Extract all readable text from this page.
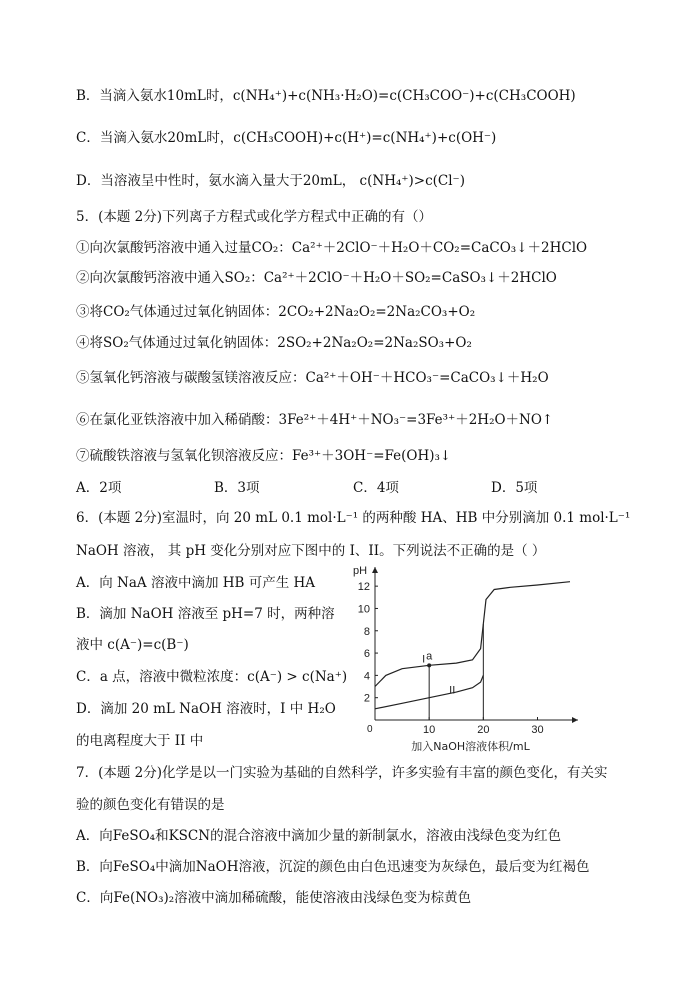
B．当滴入氨水10mL时，c(NH₄⁺)+c(NH₃·H₂O)=c(CH₃COO⁻)+c(CH₃COOH)
C．当滴入氨水20mL时，c(CH₃COOH)+c(H⁺)=c(NH₄⁺)+c(OH⁻)
D．当溶液呈中性时，氨水滴入量大于20mL， c(NH₄⁺)>c(Cl⁻)
5．(本题 2分)下列离子方程式或化学方程式中正确的有（）
①向次氯酸钙溶液中通入过量CO₂：Ca²⁺＋2ClO⁻＋H₂O＋CO₂=CaCO₃↓＋2HClO
②向次氯酸钙溶液中通入SO₂：Ca²⁺＋2ClO⁻＋H₂O＋SO₂=CaSO₃↓＋2HClO
③将CO₂气体通过过氧化钠固体：2CO₂+2Na₂O₂=2Na₂CO₃+O₂
④将SO₂气体通过过氧化钠固体：2SO₂+2Na₂O₂=2Na₂SO₃+O₂
⑤氢氧化钙溶液与碳酸氢镁溶液反应：Ca²⁺＋OH⁻＋HCO₃⁻=CaCO₃↓＋H₂O
⑥在氯化亚铁溶液中加入稀硝酸：3Fe²⁺＋4H⁺＋NO₃⁻=3Fe³⁺＋2H₂O＋NO↑
⑦硫酸铁溶液与氢氧化钡溶液反应：Fe³⁺＋3OH⁻=Fe(OH)₃↓
A．2项	B．3项	C．4项	D．5项
6．(本题 2分)室温时，向 20 mL 0.1 mol·L⁻¹ 的两种酸 HA、HB 中分别滴加 0.1 mol·L⁻¹
NaOH 溶液， 其 pH 变化分别对应下图中的 I、II。下列说法不正确的是（ ）
A．向 NaA 溶液中滴加 HB 可产生 HA
B．滴加 NaOH 溶液至 pH=7 时，两种溶
液中 c(A⁻)=c(B⁻)
C．a 点，溶液中微粒浓度：c(A⁻) > c(Na⁺)
D．滴加 20 mL NaOH 溶液时，I 中 H₂O
的电离程度大于 II 中
pH
0
2
4
6
8
10
12
10	20	30
加入NaOH溶液体积/mL
I
II
a
7．(本题 2分)化学是以一门实验为基础的自然科学，许多实验有丰富的颜色变化，有关实
验的颜色变化有错误的是
A．向FeSO₄和KSCN的混合溶液中滴加少量的新制氯水，溶液由浅绿色变为红色
B．向FeSO₄中滴加NaOH溶液，沉淀的颜色由白色迅速变为灰绿色，最后变为红褐色
C．向Fe(NO₃)₂溶液中滴加稀硫酸，能使溶液由浅绿色变为棕黄色
